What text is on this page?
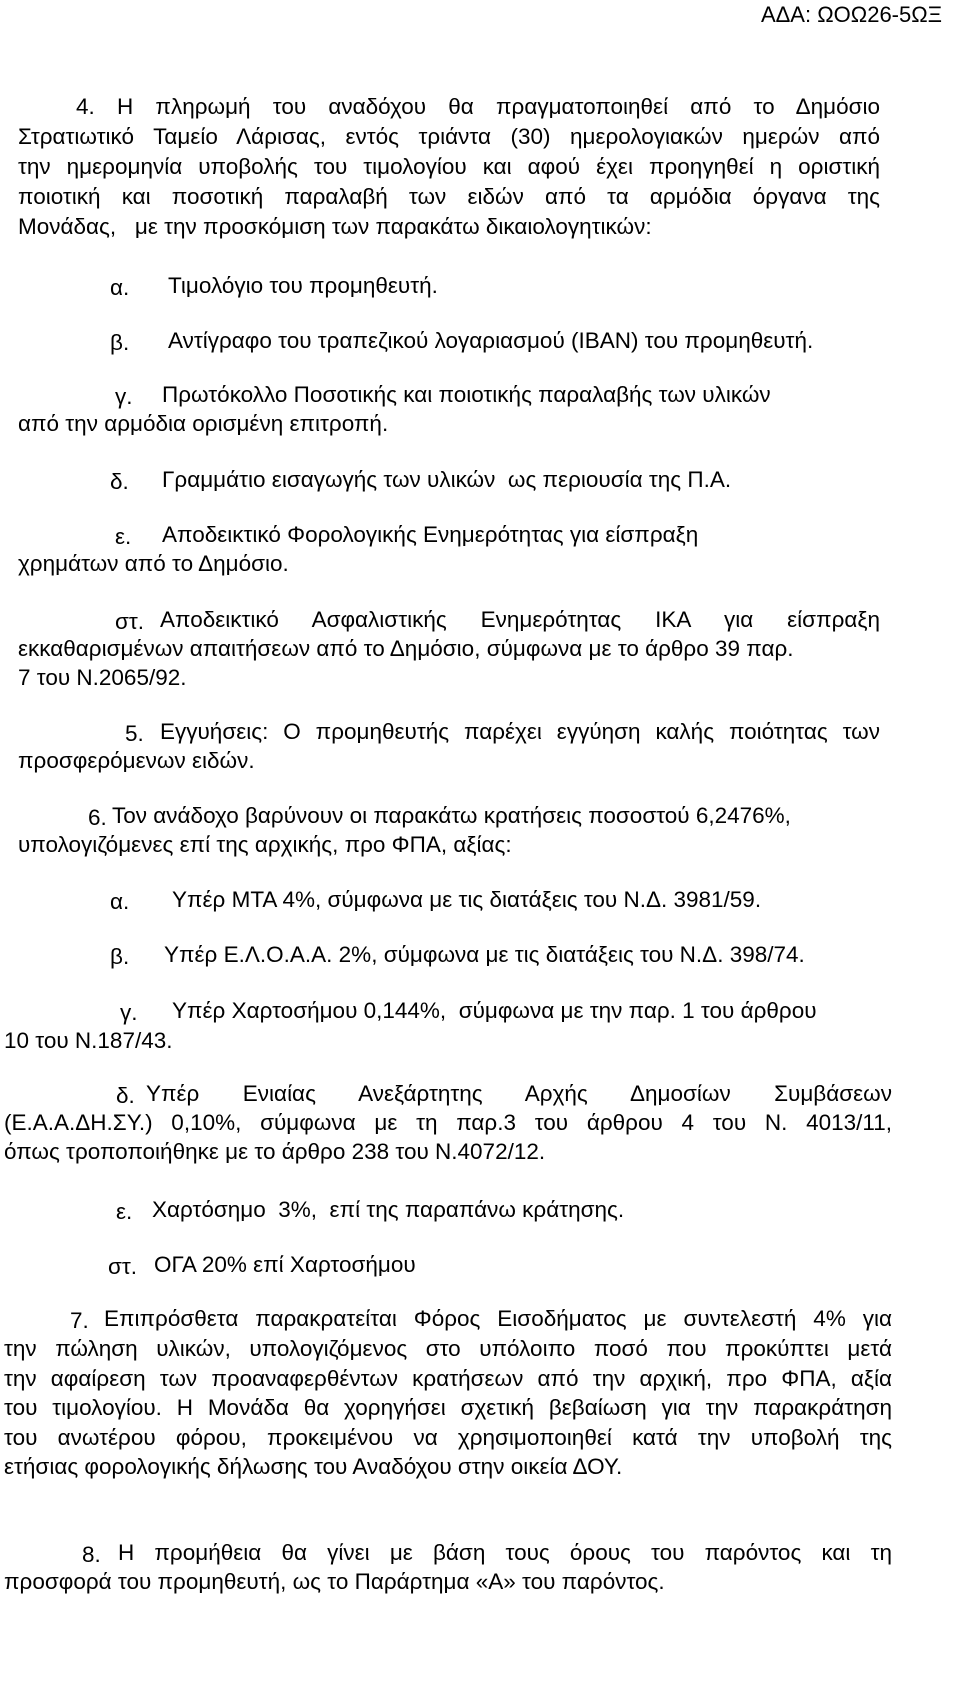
ΑΔΑ: ΩΟΩ26-5ΩΞ
4. Η πληρωμή του αναδόχου θα πραγματοποιηθεί από το Δημόσιο
Στρατιωτικό Ταμείο Λάρισας, εντός τριάντα (30) ημερολογιακών ημερών από
την ημερομηνία υποβολής του τιμολογίου και αφού έχει προηγηθεί η οριστική
ποιοτική και ποσοτική παραλαβή των ειδών από τα αρμόδια όργανα της
Μονάδας,   με την προσκόμιση των παρακάτω δικαιολογητικών:
α. Τιμολόγιο του προμηθευτή.
β. Αντίγραφο του τραπεζικού λογαριασμού (ΙΒΑΝ) του προμηθευτή.
γ. Πρωτόκολλο Ποσοτικής και ποιοτικής παραλαβής των υλικών
από την αρμόδια ορισμένη επιτροπή.
δ. Γραμμάτιο εισαγωγής των υλικών  ως περιουσία της Π.Α.
ε. Αποδεικτικό Φορολογικής Ενημερότητας για είσπραξη
χρημάτων από το Δημόσιο.
στ. Αποδεικτικό Ασφαλιστικής Ενημερότητας ΙΚΑ για είσπραξη
εκκαθαρισμένων απαιτήσεων από το Δημόσιο, σύμφωνα με το άρθρο 39 παρ.
7 του Ν.2065/92.
5. Εγγυήσεις: Ο προμηθευτής παρέχει εγγύηση καλής ποιότητας των
προσφερόμενων ειδών.
6. Τον ανάδοχο βαρύνουν οι παρακάτω κρατήσεις ποσοστού 6,2476%,
υπολογιζόμενες επί της αρχικής, προ ΦΠΑ, αξίας:
α. Υπέρ ΜΤΑ 4%, σύμφωνα με τις διατάξεις του Ν.Δ. 3981/59.
β. Υπέρ Ε.Λ.Ο.Α.Α. 2%, σύμφωνα με τις διατάξεις του Ν.Δ. 398/74.
γ. Υπέρ Χαρτοσήμου 0,144%,  σύμφωνα με την παρ. 1 του άρθρου
10 του Ν.187/43.
δ. Υπέρ Ενιαίας Ανεξάρτητης Αρχής Δημοσίων Συμβάσεων
(Ε.Α.Α.ΔΗ.ΣΥ.) 0,10%, σύμφωνα με τη παρ.3 του άρθρου 4 του Ν. 4013/11,
όπως τροποποιήθηκε με το άρθρο 238 του Ν.4072/12.
ε. Χαρτόσημο  3%,  επί της παραπάνω κράτησης.
στ. ΟΓΑ 20% επί Χαρτοσήμου
7. Επιπρόσθετα παρακρατείται Φόρος Εισοδήματος με συντελεστή 4% για
την πώληση υλικών, υπολογιζόμενος στο υπόλοιπο ποσό που προκύπτει μετά
την αφαίρεση των προαναφερθέντων κρατήσεων από την αρχική, προ ΦΠΑ, αξία
του τιμολογίου. Η Μονάδα θα χορηγήσει σχετική βεβαίωση για την παρακράτηση
του ανωτέρου φόρου, προκειμένου να χρησιμοποιηθεί κατά την υποβολή της
ετήσιας φορολογικής δήλωσης του Αναδόχου στην οικεία ΔΟΥ.
8. Η προμήθεια θα γίνει με βάση τους όρους του παρόντος και τη
προσφορά του προμηθευτή, ως το Παράρτημα «Α» του παρόντος.
